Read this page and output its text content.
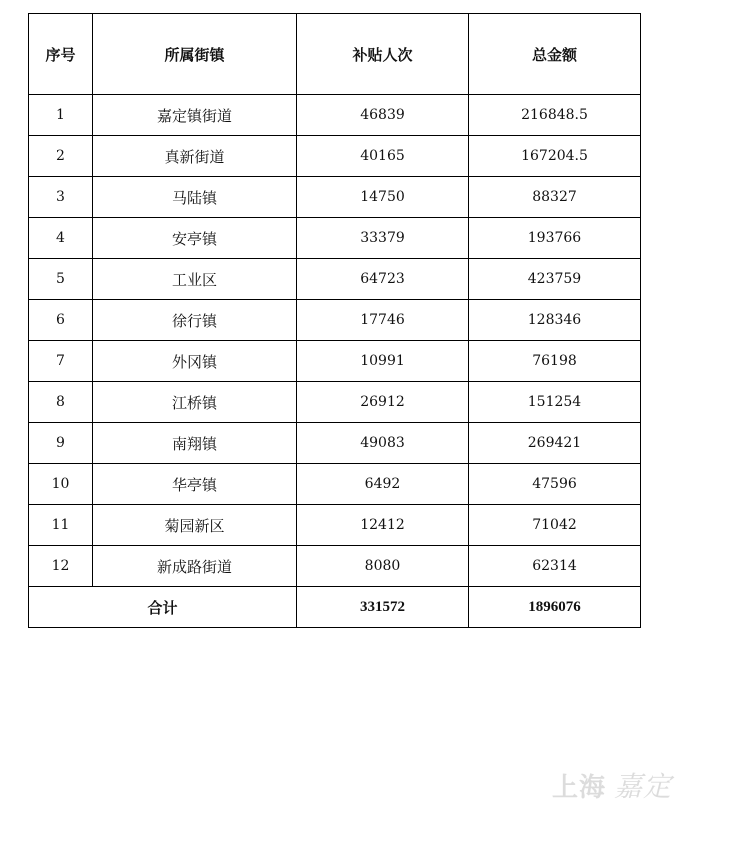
序号	所属街镇	补贴人次	总金额
1	嘉定镇街道	46839	216848.5
2	真新街道	40165	167204.5
3	马陆镇	14750	88327
4	安亭镇	33379	193766
5	工业区	64723	423759
6	徐行镇	17746	128346
7	外冈镇	10991	76198
8	江桥镇	26912	151254
9	南翔镇	49083	269421
10	华亭镇	6492	47596
11	菊园新区	12412	71042
12	新成路街道	8080	62314
合计		331572	1896076
上海 嘉定
